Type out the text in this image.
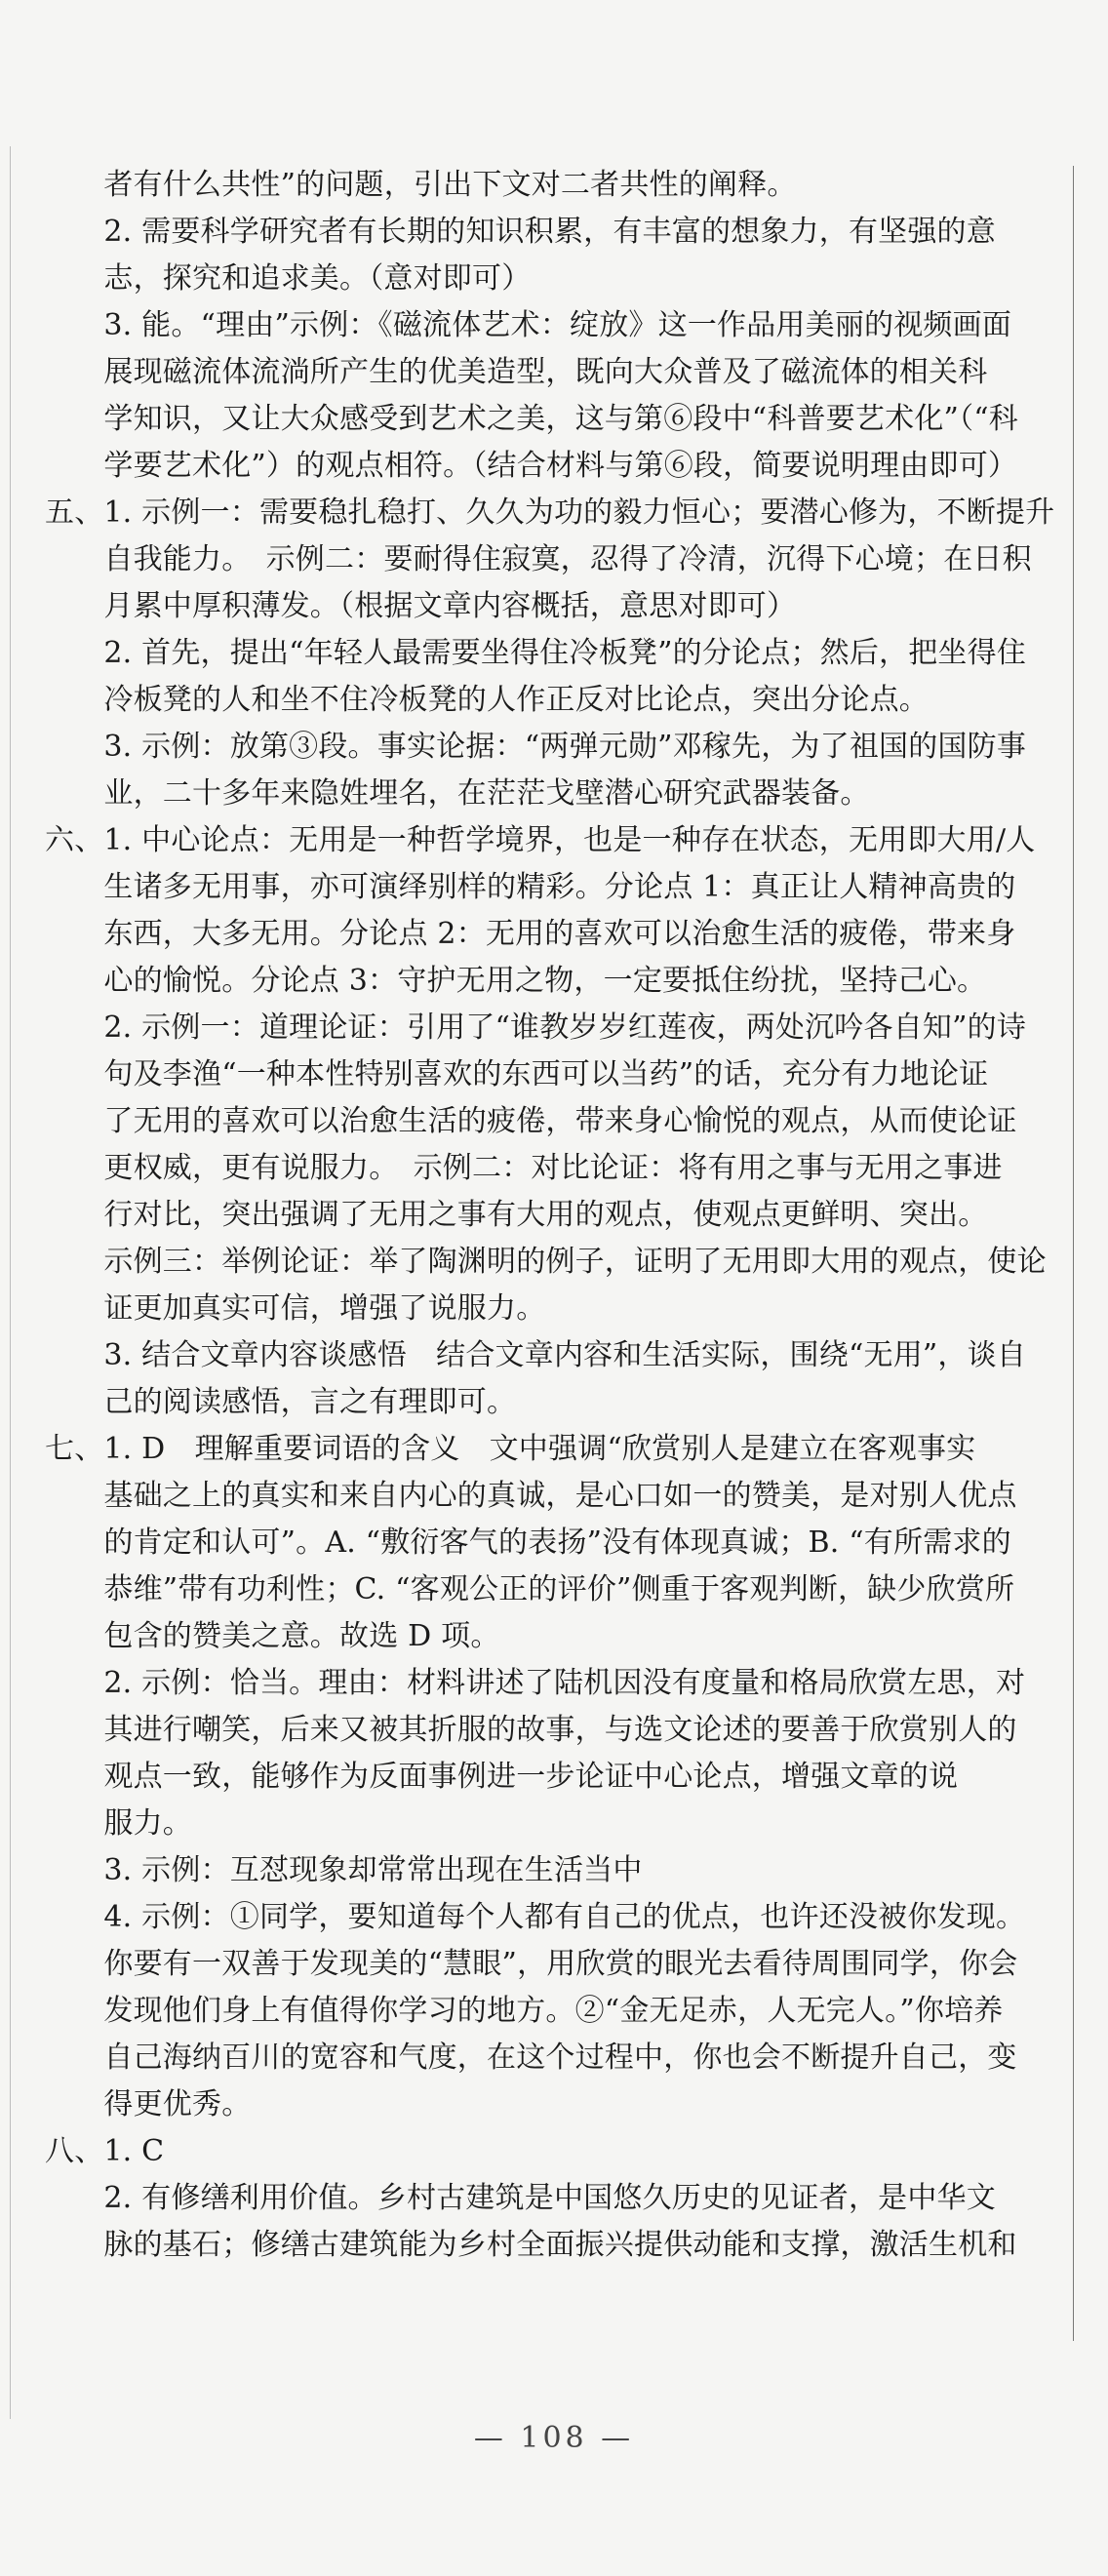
　　者有什么共性”的问题，引出下文对二者共性的阐释。
　　2. 需要科学研究者有长期的知识积累，有丰富的想象力，有坚强的意
　　志，探究和追求美。（意对即可）
　　3. 能。“理由”示例：《磁流体艺术：绽放》这一作品用美丽的视频画面
　　展现磁流体流淌所产生的优美造型，既向大众普及了磁流体的相关科
　　学知识，又让大众感受到艺术之美，这与第⑥段中“科普要艺术化”（“科
　　学要艺术化”）的观点相符。（结合材料与第⑥段，简要说明理由即可）
五、1. 示例一：需要稳扎稳打、久久为功的毅力恒心；要潜心修为，不断提升
　　自我能力。　示例二：要耐得住寂寞，忍得了冷清，沉得下心境；在日积
　　月累中厚积薄发。（根据文章内容概括，意思对即可）
　　2. 首先，提出“年轻人最需要坐得住冷板凳”的分论点；然后，把坐得住
　　冷板凳的人和坐不住冷板凳的人作正反对比论点，突出分论点。
　　3. 示例：放第③段。事实论据：“两弹元勋”邓稼先，为了祖国的国防事
　　业，二十多年来隐姓埋名，在茫茫戈壁潜心研究武器装备。
六、1. 中心论点：无用是一种哲学境界，也是一种存在状态，无用即大用/人
　　生诸多无用事，亦可演绎别样的精彩。分论点 1：真正让人精神高贵的
　　东西，大多无用。分论点 2：无用的喜欢可以治愈生活的疲倦，带来身
　　心的愉悦。分论点 3：守护无用之物，一定要抵住纷扰，坚持己心。
　　2. 示例一：道理论证：引用了“谁教岁岁红莲夜，两处沉吟各自知”的诗
　　句及李渔“一种本性特别喜欢的东西可以当药”的话，充分有力地论证
　　了无用的喜欢可以治愈生活的疲倦，带来身心愉悦的观点，从而使论证
　　更权威，更有说服力。　示例二：对比论证：将有用之事与无用之事进
　　行对比，突出强调了无用之事有大用的观点，使观点更鲜明、突出。
　　示例三：举例论证：举了陶渊明的例子，证明了无用即大用的观点，使论
　　证更加真实可信，增强了说服力。
　　3. 结合文章内容谈感悟　结合文章内容和生活实际，围绕“无用”，谈自
　　己的阅读感悟，言之有理即可。
七、1. D　理解重要词语的含义　文中强调“欣赏别人是建立在客观事实
　　基础之上的真实和来自内心的真诚，是心口如一的赞美，是对别人优点
　　的肯定和认可”。A. “敷衍客气的表扬”没有体现真诚；B. “有所需求的
　　恭维”带有功利性；C. “客观公正的评价”侧重于客观判断，缺少欣赏所
　　包含的赞美之意。故选 D 项。
　　2. 示例：恰当。理由：材料讲述了陆机因没有度量和格局欣赏左思，对
　　其进行嘲笑，后来又被其折服的故事，与选文论述的要善于欣赏别人的
　　观点一致，能够作为反面事例进一步论证中心论点，增强文章的说
　　服力。
　　3. 示例：互怼现象却常常出现在生活当中
　　4. 示例：①同学，要知道每个人都有自己的优点，也许还没被你发现。
　　你要有一双善于发现美的“慧眼”，用欣赏的眼光去看待周围同学，你会
　　发现他们身上有值得你学习的地方。②“金无足赤，人无完人。”你培养
　　自己海纳百川的宽容和气度，在这个过程中，你也会不断提升自己，变
　　得更优秀。
八、1. C
　　2. 有修缮利用价值。乡村古建筑是中国悠久历史的见证者，是中华文
　　脉的基石；修缮古建筑能为乡村全面振兴提供动能和支撑，激活生机和
— 108 —
